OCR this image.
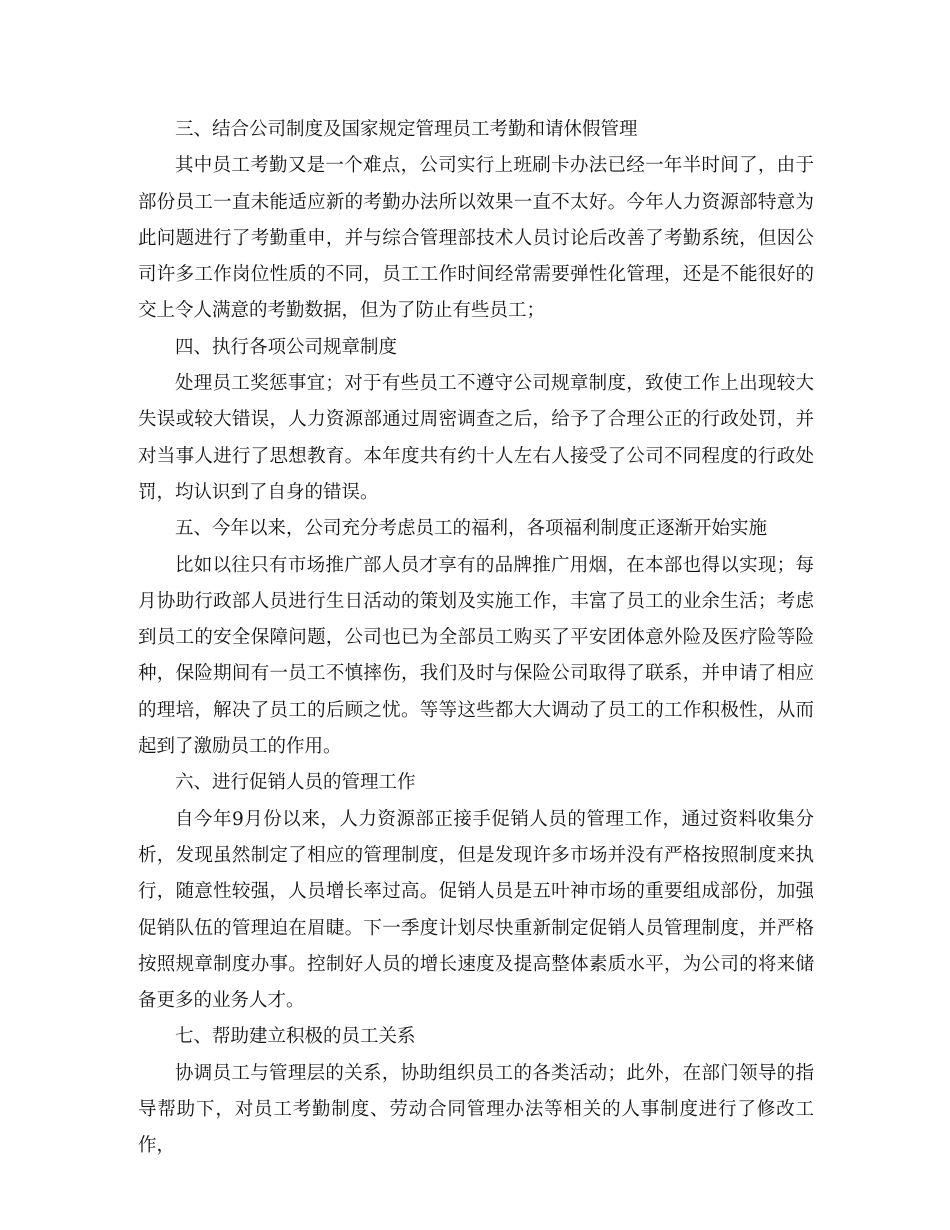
三、结合公司制度及国家规定管理员工考勤和请休假管理

其中员工考勤又是一个难点，公司实行上班刷卡办法已经一年半时间了，由于部份员工一直未能适应新的考勤办法所以效果一直不太好。今年人力资源部特意为此问题进行了考勤重申，并与综合管理部技术人员讨论后改善了考勤系统，但因公司许多工作岗位性质的不同，员工工作时间经常需要弹性化管理，还是不能很好的交上令人满意的考勤数据，但为了防止有些员工；

四、执行各项公司规章制度

处理员工奖惩事宜；对于有些员工不遵守公司规章制度，致使工作上出现较大失误或较大错误，人力资源部通过周密调查之后，给予了合理公正的行政处罚，并对当事人进行了思想教育。本年度共有约十人左右人接受了公司不同程度的行政处罚，均认识到了自身的错误。

五、今年以来，公司充分考虑员工的福利，各项福利制度正逐渐开始实施

比如以往只有市场推广部人员才享有的品牌推广用烟，在本部也得以实现；每月协助行政部人员进行生日活动的策划及实施工作，丰富了员工的业余生活；考虑到员工的安全保障问题，公司也已为全部员工购买了平安团体意外险及医疗险等险种，保险期间有一员工不慎摔伤，我们及时与保险公司取得了联系，并申请了相应的理培，解决了员工的后顾之忧。等等这些都大大调动了员工的工作积极性，从而起到了激励员工的作用。

六、进行促销人员的管理工作

自今年9月份以来，人力资源部正接手促销人员的管理工作，通过资料收集分析，发现虽然制定了相应的管理制度，但是发现许多市场并没有严格按照制度来执行，随意性较强，人员增长率过高。促销人员是五叶神市场的重要组成部份，加强促销队伍的管理迫在眉睫。下一季度计划尽快重新制定促销人员管理制度，并严格按照规章制度办事。控制好人员的增长速度及提高整体素质水平，为公司的将来储备更多的业务人才。

七、帮助建立积极的员工关系

协调员工与管理层的关系，协助组织员工的各类活动；此外，在部门领导的指导帮助下，对员工考勤制度、劳动合同管理办法等相关的人事制度进行了修改工作，
